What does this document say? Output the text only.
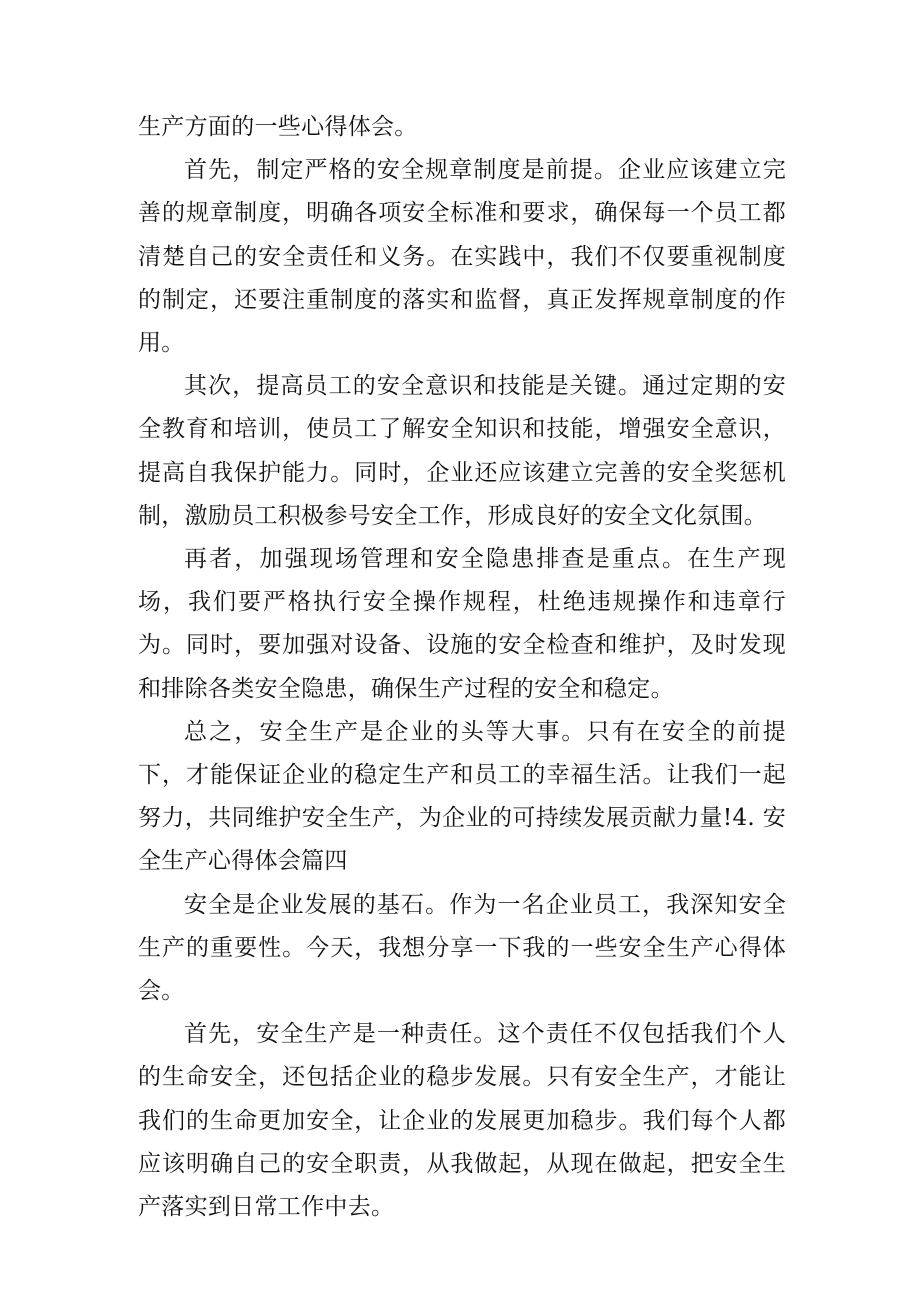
生产方面的一些心得体会。

首先，制定严格的安全规章制度是前提。企业应该建立完善的规章制度，明确各项安全标准和要求，确保每一个员工都清楚自己的安全责任和义务。在实践中，我们不仅要重视制度的制定，还要注重制度的落实和监督，真正发挥规章制度的作用。

其次，提高员工的安全意识和技能是关键。通过定期的安全教育和培训，使员工了解安全知识和技能，增强安全意识，提高自我保护能力。同时，企业还应该建立完善的安全奖惩机制，激励员工积极参号安全工作，形成良好的安全文化氛围。

再者，加强现场管理和安全隐患排查是重点。在生产现场，我们要严格执行安全操作规程，杜绝违规操作和违章行为。同时，要加强对设备、设施的安全检查和维护，及时发现和排除各类安全隐患，确保生产过程的安全和稳定。

总之，安全生产是企业的头等大事。只有在安全的前提下，才能保证企业的稳定生产和员工的幸福生活。让我们一起努力，共同维护安全生产，为企业的可持续发展贡献力量!4. 安全生产心得体会篇四

安全是企业发展的基石。作为一名企业员工，我深知安全生产的重要性。今天，我想分享一下我的一些安全生产心得体会。

首先，安全生产是一种责任。这个责任不仅包括我们个人的生命安全，还包括企业的稳步发展。只有安全生产，才能让我们的生命更加安全，让企业的发展更加稳步。我们每个人都应该明确自己的安全职责，从我做起，从现在做起，把安全生产落实到日常工作中去。
